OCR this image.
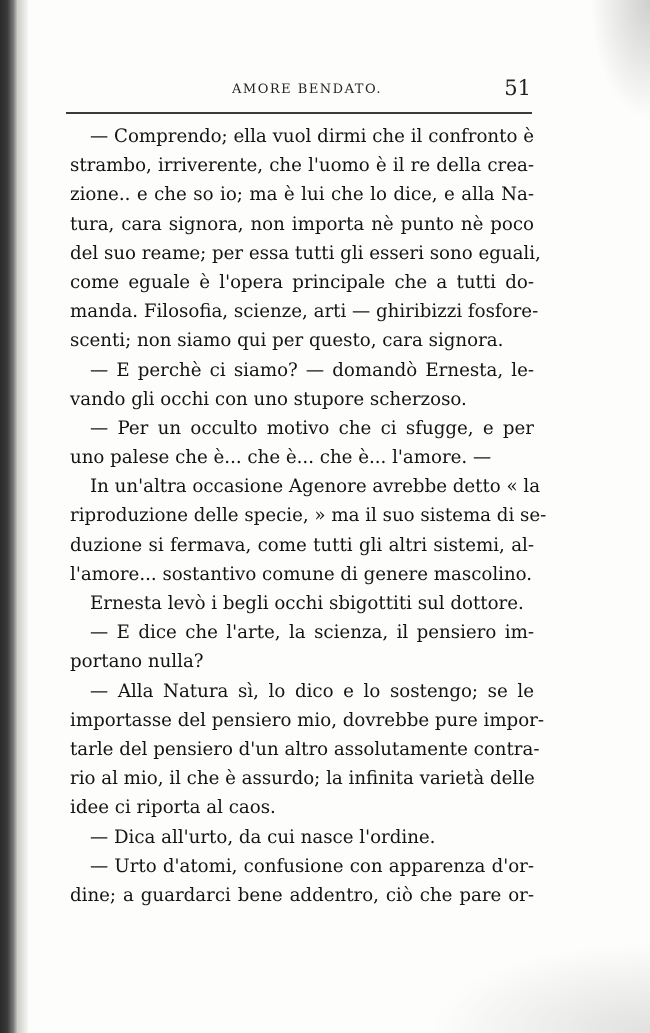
AMORE BENDATO.	51
— Comprendo; ella vuol dirmi che il confronto è
strambo, irriverente, che l'uomo è il re della crea-
zione.. e che so io; ma è lui che lo dice, e alla Na-
tura, cara signora, non importa nè punto nè poco
del suo reame; per essa tutti gli esseri sono eguali,
come eguale è l'opera principale che a tutti do-
manda. Filosofia, scienze, arti — ghiribizzi fosfore-
scenti; non siamo qui per questo, cara signora.
— E perchè ci siamo? — domandò Ernesta, le-
vando gli occhi con uno stupore scherzoso.
— Per un occulto motivo che ci sfugge, e per
uno palese che è... che è... che è... l'amore. —
In un'altra occasione Agenore avrebbe detto « la
riproduzione delle specie, » ma il suo sistema di se-
duzione si fermava, come tutti gli altri sistemi, al-
l'amore... sostantivo comune di genere mascolino.
Ernesta levò i begli occhi sbigottiti sul dottore.
— E dice che l'arte, la scienza, il pensiero im-
portano nulla?
— Alla Natura sì, lo dico e lo sostengo; se le
importasse del pensiero mio, dovrebbe pure impor-
tarle del pensiero d'un altro assolutamente contra-
rio al mio, il che è assurdo; la infinita varietà delle
idee ci riporta al caos.
— Dica all'urto, da cui nasce l'ordine.
— Urto d'atomi, confusione con apparenza d'or-
dine; a guardarci bene addentro, ciò che pare or-
